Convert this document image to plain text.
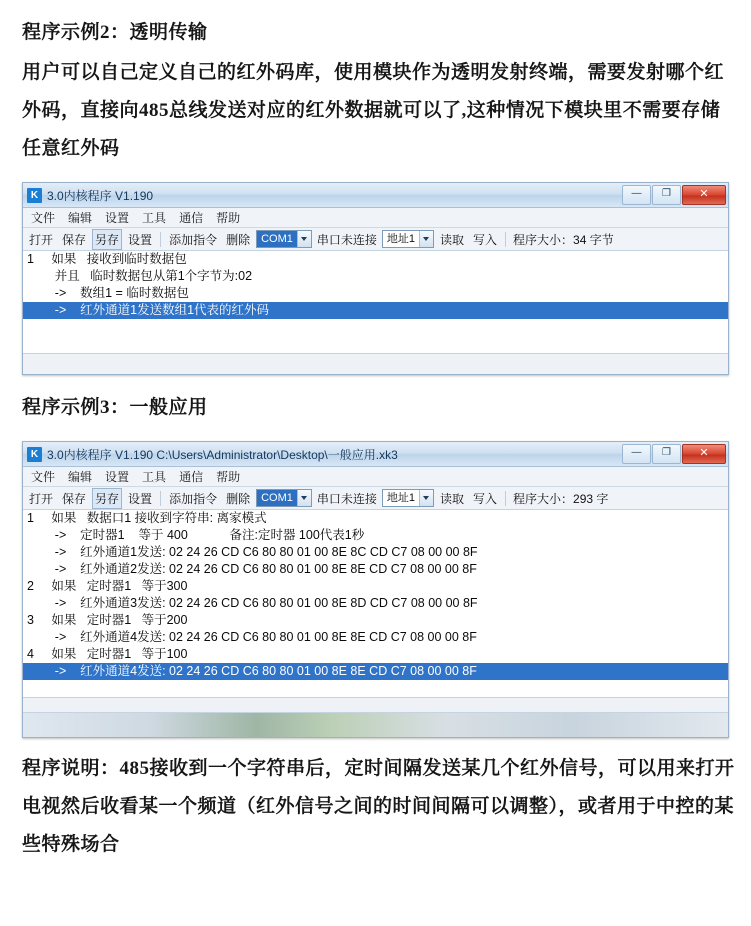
程序示例2：透明传输
用户可以自己定义自己的红外码库，使用模块作为透明发射终端，需要发射哪个红外码，直接向485总线发送对应的红外数据就可以了,这种情况下模块里不需要存储任意红外码
K 3.0内核程序 V1.190	—	❐	✕
文件 编辑 设置 工具 通信 帮助
打开 保存 另存 设置 添加指令 删除	COM1	串口未连接 地址1	读取 写入 程序大小：34 字节
1     如果   接收到临时数据包
并且   临时数据包从第1个字节为:02
->    数组1 = 临时数据包
->    红外通道1发送数组1代表的红外码
程序示例3：一般应用
K 3.0内核程序 V1.190 C:\Users\Administrator\Desktop\一般应用.xk3	—	❐	✕
文件 编辑 设置 工具 通信 帮助
打开 保存 另存 设置 添加指令 删除	COM1	串口未连接 地址1	读取 写入 程序大小：293 字
1     如果   数据口1 接收到字符串: 离家模式
->    定时器1    等于 400            备注:定时器 100代表1秒
->    红外通道1发送: 02 24 26 CD C6 80 80 01 00 8E 8C CD C7 08 00 00 8F
->    红外通道2发送: 02 24 26 CD C6 80 80 01 00 8E 8E CD C7 08 00 00 8F
2     如果   定时器1   等于300
->    红外通道3发送: 02 24 26 CD C6 80 80 01 00 8E 8D CD C7 08 00 00 8F
3     如果   定时器1   等于200
->    红外通道4发送: 02 24 26 CD C6 80 80 01 00 8E 8E CD C7 08 00 00 8F
4     如果   定时器1   等于100
->    红外通道4发送: 02 24 26 CD C6 80 80 01 00 8E 8E CD C7 08 00 00 8F
程序说明：485接收到一个字符串后，定时间隔发送某几个红外信号，可以用来打开电视然后收看某一个频道（红外信号之间的时间间隔可以调整），或者用于中控的某些特殊场合
